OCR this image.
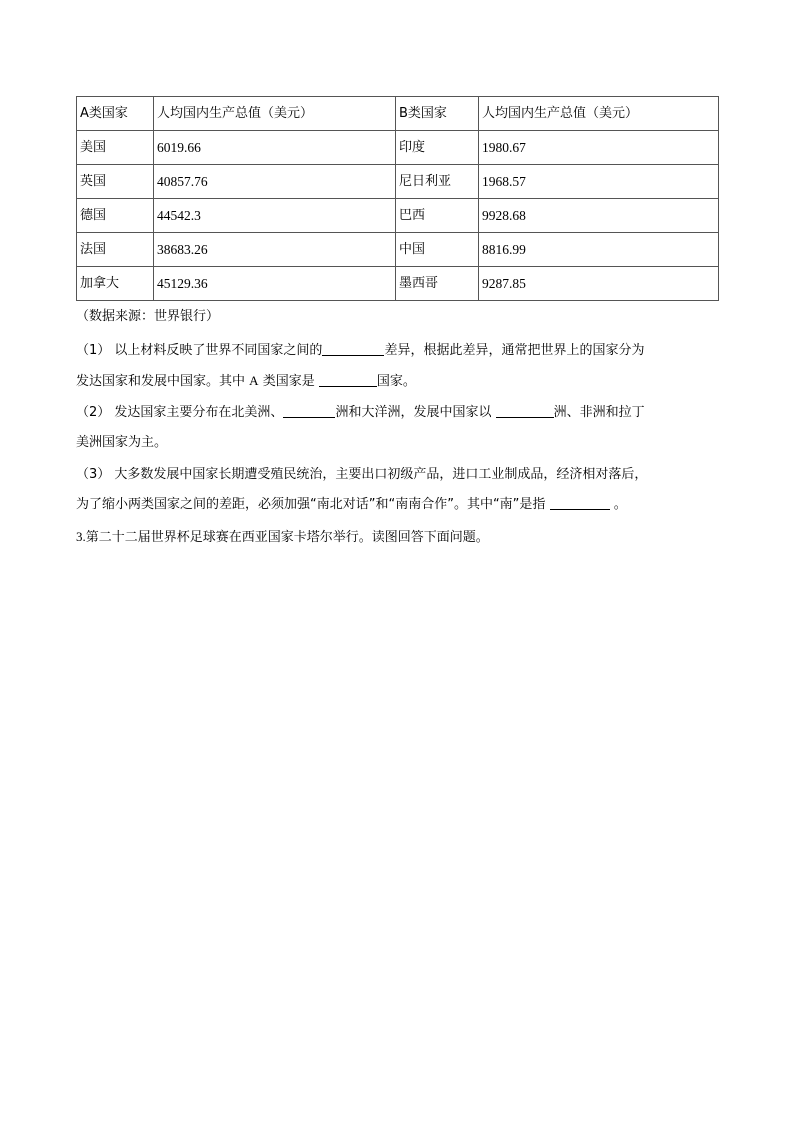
A类国家	人均国内生产总值（美元）	B类国家	人均国内生产总值（美元）
美国	6019.66	印度	1980.67
英国	40857.76	尼日利亚	1968.57
德国	44542.3	巴西	9928.68
法国	38683.26	中国	8816.99
加拿大	45129.36	墨西哥	9287.85
（数据来源：世界银行）
（1） 以上材料反映了世界不同国家之间的	差异，根据此差异，通常把世界上的国家分为
发达国家和发展中国家。其中 A 类国家是	国家。
（2） 发达国家主要分布在北美洲、	洲和大洋洲，发展中国家以	洲、非洲和拉丁
美洲国家为主。
（3） 大多数发展中国家长期遭受殖民统治，主要出口初级产品，进口工业制成品，经济相对落后，
为了缩小两类国家之间的差距，必须加强“南北对话”和“南南合作”。其中“南”是指	。
3.第二十二届世界杯足球赛在西亚国家卡塔尔举行。读图回答下面问题。
